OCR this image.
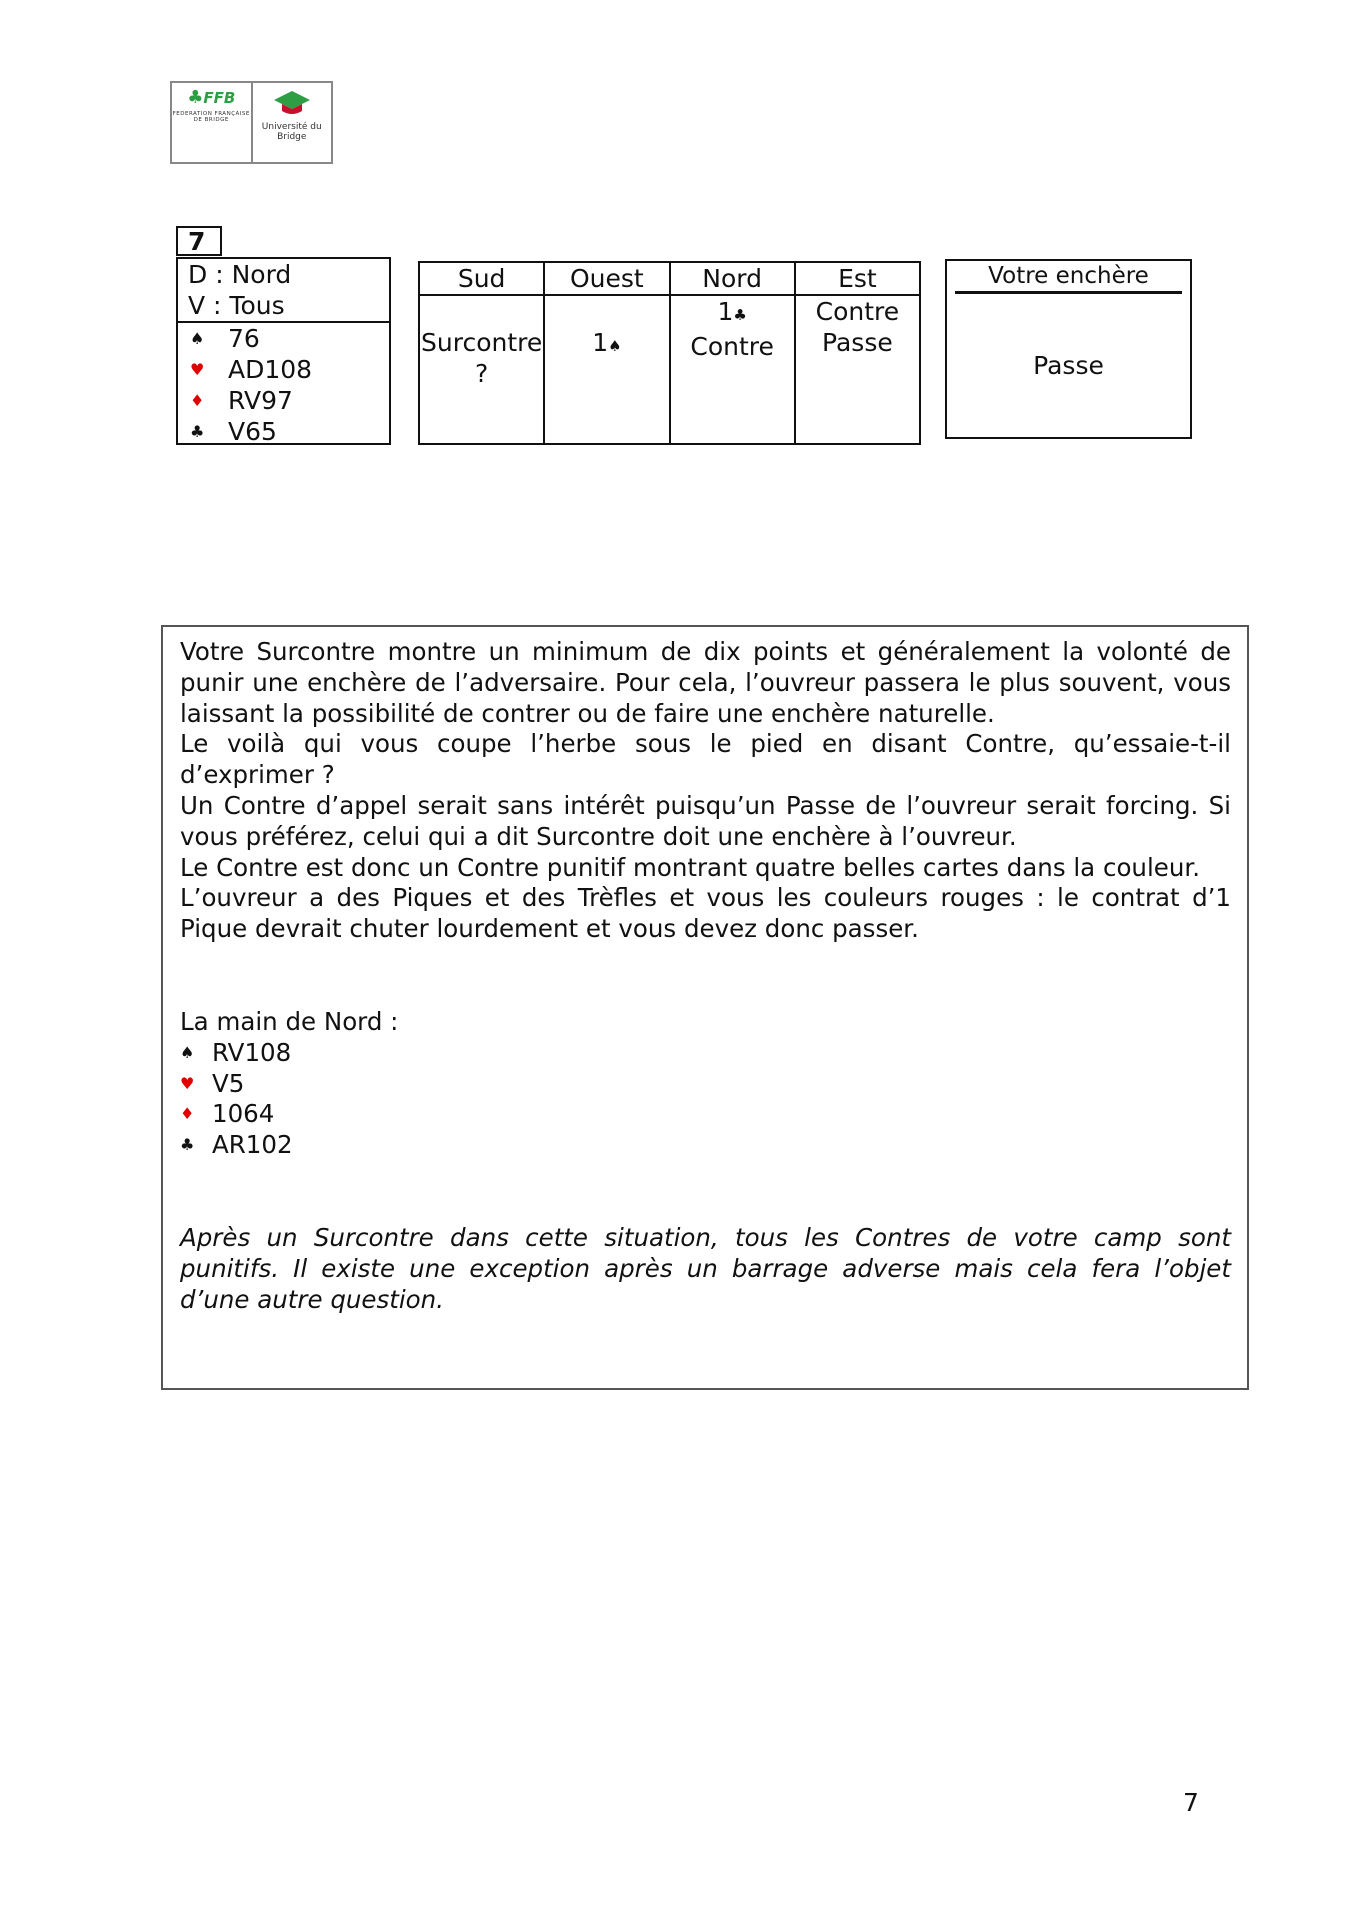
♣FFB
FEDERATION FRANÇAISE DE BRIDGE
Université du Bridge
7
D : Nord
V : Tous
♠ 76
♥ AD108
♦ RV97
♣ V65
Sud
Surcontre
?
Ouest
1♠
Nord
1♣
Contre
Est
Contre
Passe
Votre enchère
Passe

Votre Surcontre montre un minimum de dix points et généralement la volonté de punir une enchère de l’adversaire. Pour cela, l’ouvreur passera le plus souvent, vous laissant la possibilité de contrer ou de faire une enchère naturelle.

Le voilà qui vous coupe l’herbe sous le pied en disant Contre, qu’essaie-t-il d’exprimer ?

Un Contre d’appel serait sans intérêt puisqu’un Passe de l’ouvreur serait forcing. Si vous préférez, celui qui a dit Surcontre doit une enchère à l’ouvreur.

Le Contre est donc un Contre punitif montrant quatre belles cartes dans la couleur.

L’ouvreur a des Piques et des Trèfles et vous les couleurs rouges : le contrat d’1 Pique devrait chuter lourdement et vous devez donc passer.

La main de Nord :
♠ RV108
♥ V5
♦ 1064
♣ AR102

Après un Surcontre dans cette situation, tous les Contres de votre camp sont punitifs. Il existe une exception après un barrage adverse mais cela fera l’objet d’une autre question.

7
